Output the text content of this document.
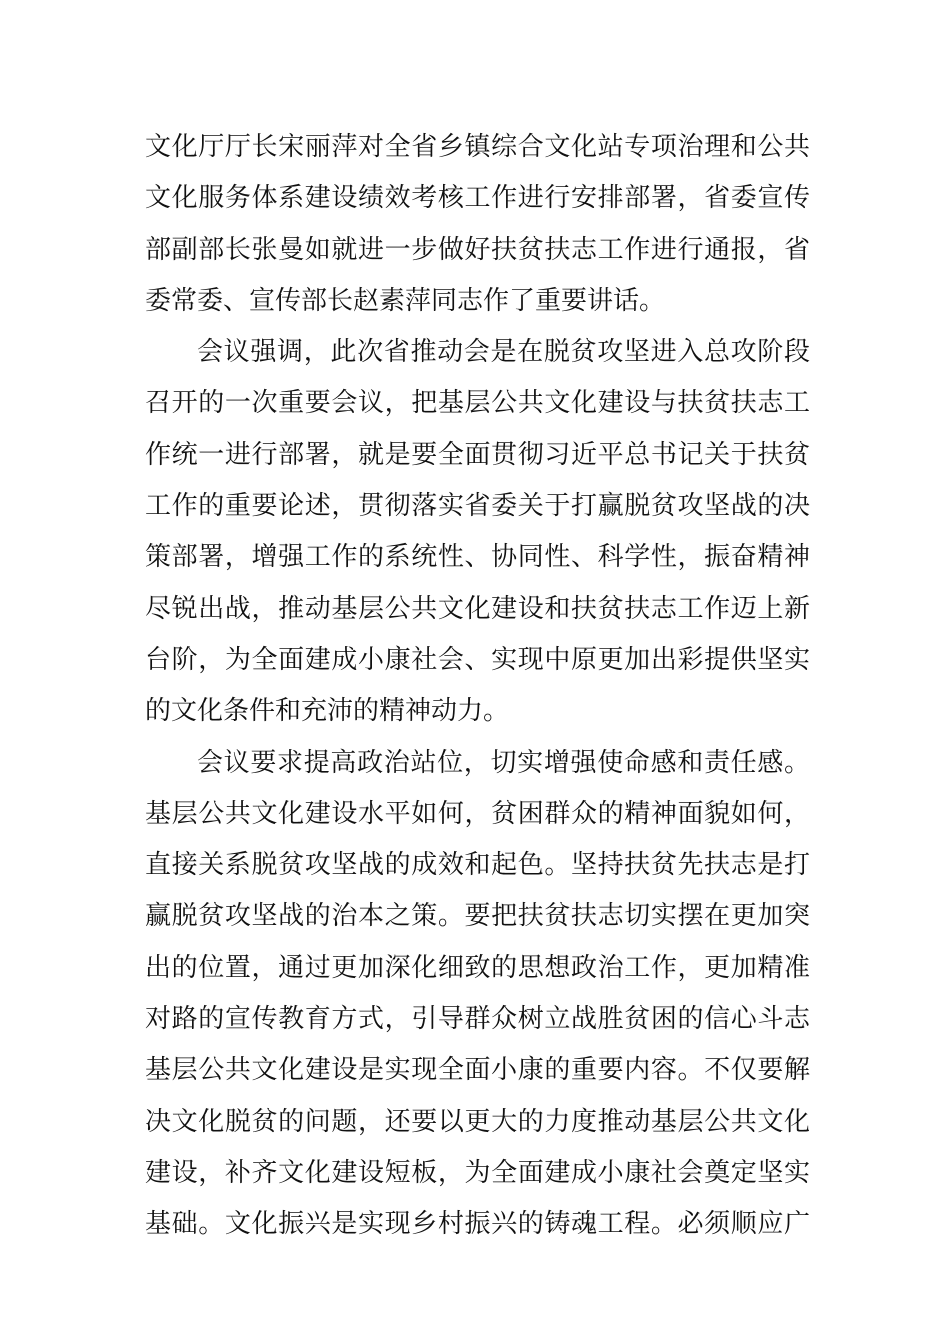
文化厅厅长宋丽萍对全省乡镇综合文化站专项治理和公共
文化服务体系建设绩效考核工作进行安排部署，省委宣传
部副部长张曼如就进一步做好扶贫扶志工作进行通报，省
委常委、宣传部长赵素萍同志作了重要讲话。
会议强调，此次省推动会是在脱贫攻坚进入总攻阶段
召开的一次重要会议，把基层公共文化建设与扶贫扶志工
作统一进行部署，就是要全面贯彻习近平总书记关于扶贫
工作的重要论述，贯彻落实省委关于打赢脱贫攻坚战的决
策部署，增强工作的系统性、协同性、科学性，振奋精神
尽锐出战，推动基层公共文化建设和扶贫扶志工作迈上新
台阶，为全面建成小康社会、实现中原更加出彩提供坚实
的文化条件和充沛的精神动力。
会议要求提高政治站位，切实增强使命感和责任感。
基层公共文化建设水平如何，贫困群众的精神面貌如何，
直接关系脱贫攻坚战的成效和起色。坚持扶贫先扶志是打
赢脱贫攻坚战的治本之策。要把扶贫扶志切实摆在更加突
出的位置，通过更加深化细致的思想政治工作，更加精准
对路的宣传教育方式，引导群众树立战胜贫困的信心斗志
基层公共文化建设是实现全面小康的重要内容。不仅要解
决文化脱贫的问题，还要以更大的力度推动基层公共文化
建设，补齐文化建设短板，为全面建成小康社会奠定坚实
基础。文化振兴是实现乡村振兴的铸魂工程。必须顺应广
